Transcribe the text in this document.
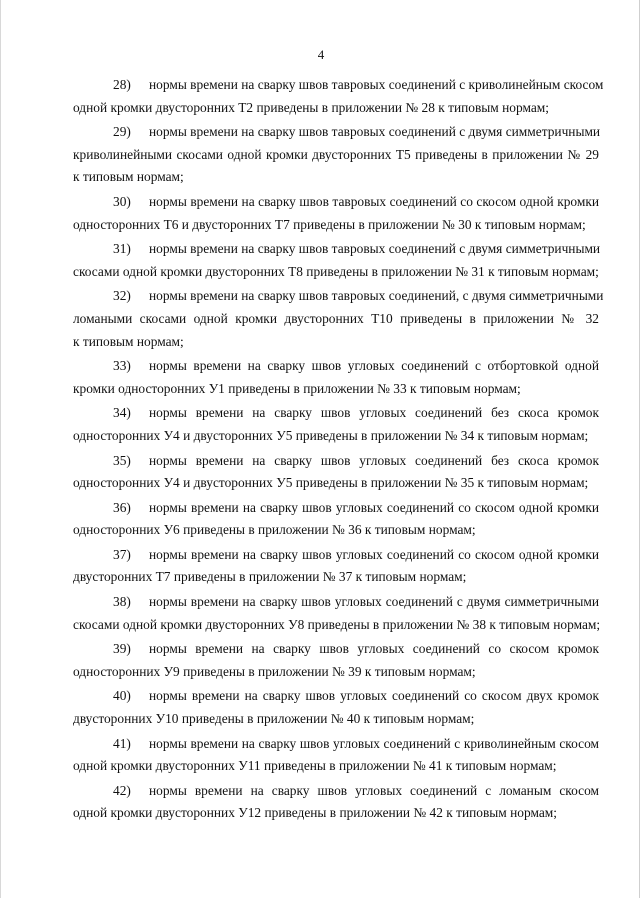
4
28) нормы времени на сварку швов тавровых соединений с криволинейным скосом
одной кромки двусторонних Т2 приведены в приложении № 28 к типовым нормам;
29) нормы времени на сварку швов тавровых соединений с двумя симметричными
криволинейными скосами одной кромки двусторонних Т5 приведены в приложении № 29
к типовым нормам;
30) нормы времени на сварку швов тавровых соединений со скосом одной кромки
односторонних Т6 и двусторонних Т7 приведены в приложении № 30 к типовым нормам;
31) нормы времени на сварку швов тавровых соединений с двумя симметричными
скосами одной кромки двусторонних Т8 приведены в приложении № 31 к типовым нормам;
32) нормы времени на сварку швов тавровых соединений, с двумя симметричными
ломаными скосами одной кромки двусторонних Т10 приведены в приложении № 32
к типовым нормам;
33) нормы времени на сварку швов угловых соединений с отбортовкой одной
кромки односторонних У1 приведены в приложении № 33 к типовым нормам;
34) нормы времени на сварку швов угловых соединений без скоса кромок
односторонних У4 и двусторонних У5 приведены в приложении № 34 к типовым нормам;
35) нормы времени на сварку швов угловых соединений без скоса кромок
односторонних У4 и двусторонних У5 приведены в приложении № 35 к типовым нормам;
36) нормы времени на сварку швов угловых соединений со скосом одной кромки
односторонних У6 приведены в приложении № 36 к типовым нормам;
37) нормы времени на сварку швов угловых соединений со скосом одной кромки
двусторонних Т7 приведены в приложении № 37 к типовым нормам;
38) нормы времени на сварку швов угловых соединений с двумя симметричными
скосами одной кромки двусторонних У8 приведены в приложении № 38 к типовым нормам;
39) нормы времени на сварку швов угловых соединений со скосом кромок
односторонних У9 приведены в приложении № 39 к типовым нормам;
40) нормы времени на сварку швов угловых соединений со скосом двух кромок
двусторонних У10 приведены в приложении № 40 к типовым нормам;
41) нормы времени на сварку швов угловых соединений с криволинейным скосом
одной кромки двусторонних У11 приведены в приложении № 41 к типовым нормам;
42) нормы времени на сварку швов угловых соединений с ломаным скосом
одной кромки двусторонних У12 приведены в приложении № 42 к типовым нормам;
